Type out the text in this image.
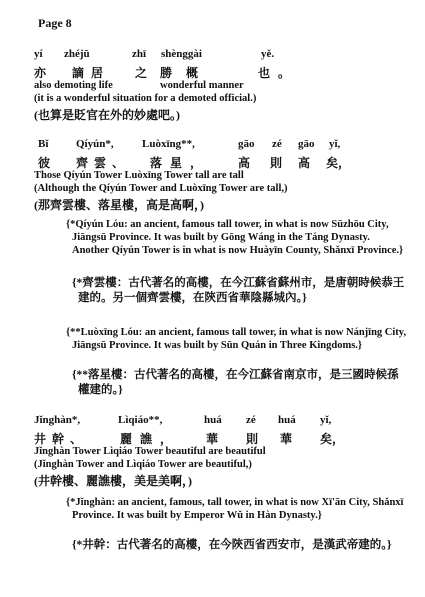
Page 8
yí zhéjū	zhī shènggài	yě.
亦 謫居 之 勝概	也。
also demoting life	wonderful manner
(it is a wonderful situation for a demoted official.)
(也算是貶官在外的妙處吧。)
Bǐ	Qíyún*,	Luòxīng**,	gāo zé gāo yǐ,
彼 齊雲、 落星， 高 則 高 矣，
Those Qíyún Tower Luòxīng Tower tall are tall
(Although the Qíyún Tower and Luòxīng Tower are tall,)
(那齊雲樓、落星樓，高是高啊，)
{*Qíyún Lóu: an ancient, famous tall tower, in what is now Sūzhōu City, Jiāngsū Province. It was built by Gōng Wáng in the Táng Dynasty. Another Qíyún Tower is in what is now Huàyīn County, Shǎnxī Province.}
{*齊雲樓：古代著名的高樓，在今江蘇省蘇州市，是唐朝時候恭王建的。另一個齊雲樓，在陝西省華陰縣城內。}
{**Luòxīng Lóu: an ancient, famous tall tower, in what is now Nánjīng City, Jiāngsū Province. It was built by Sūn Quán in Three Kingdoms.}
{**落星樓：古代著名的高樓，在今江蘇省南京市，是三國時候孫權建的。}
Jǐnghàn*,	Lìqiáo**,	huá zé huá yǐ,
井幹、	麗譙， 華 則 華 矣，
Jǐnghàn Tower Lìqiáo Tower beautiful are beautiful
(Jǐnghàn Tower and Lìqiáo Tower are beautiful,)
(井幹樓、麗譙樓，美是美啊，)
{*Jǐnghàn: an ancient, famous, tall tower, in what is now Xī'ān City, Shǎnxī Province. It was built by Emperor Wǔ in Hàn Dynasty.}
{*井幹：古代著名的高樓，在今陝西省西安市，是漢武帝建的。}
